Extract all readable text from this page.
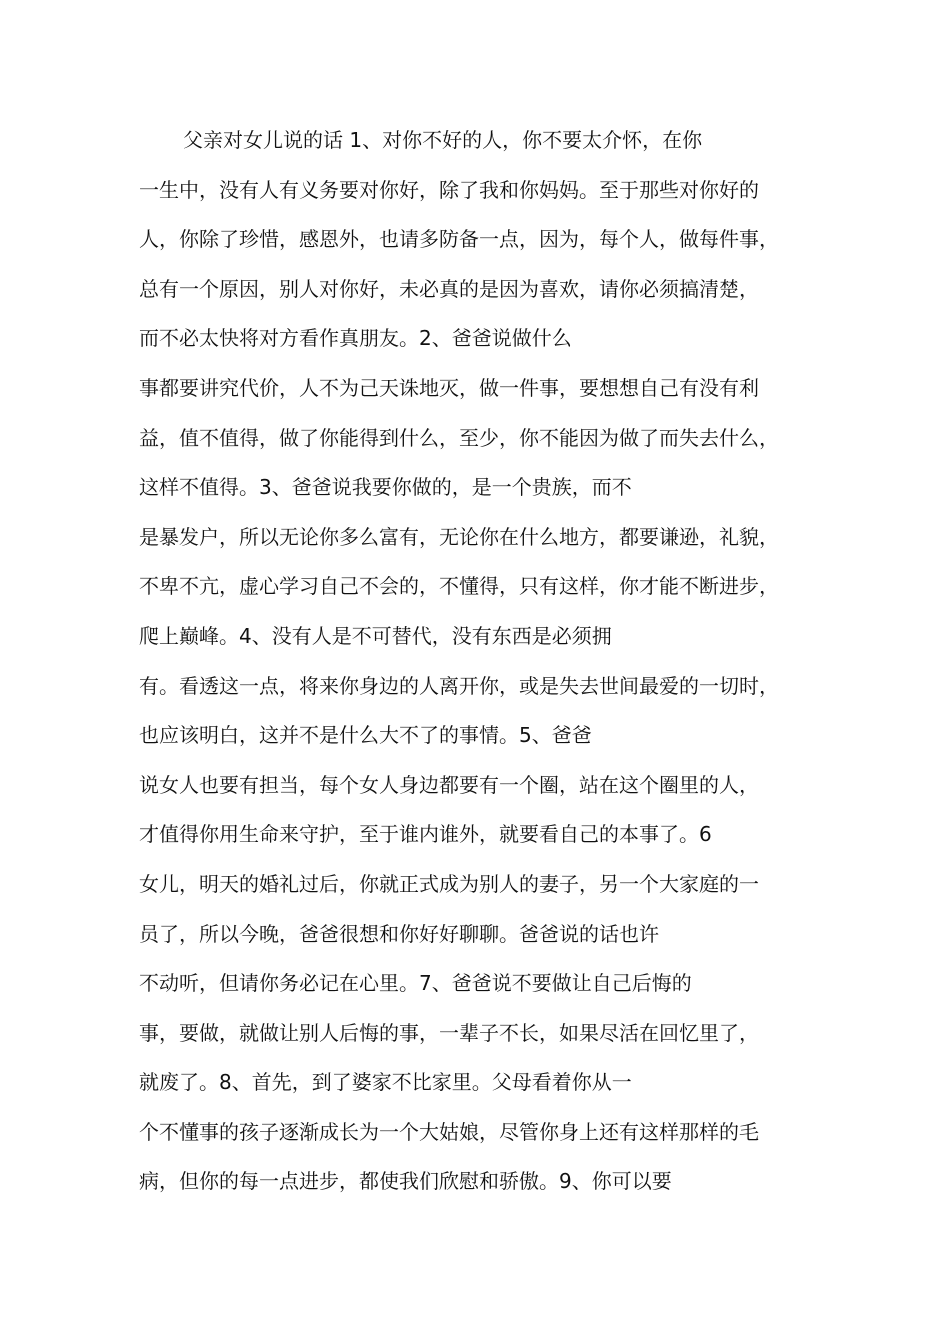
父亲对女儿说的话 1、对你不好的人，你不要太介怀，在你
一生中，没有人有义务要对你好，除了我和你妈妈。至于那些对你好的
人，你除了珍惜，感恩外，也请多防备一点，因为，每个人，做每件事，
总有一个原因，别人对你好，未必真的是因为喜欢，请你必须搞清楚，
而不必太快将对方看作真朋友。2、爸爸说做什么
事都要讲究代价，人不为己天诛地灭，做一件事，要想想自己有没有利
益，值不值得，做了你能得到什么，至少，你不能因为做了而失去什么，
这样不值得。3、爸爸说我要你做的，是一个贵族，而不
是暴发户，所以无论你多么富有，无论你在什么地方，都要谦逊，礼貌，
不卑不亢，虚心学习自己不会的，不懂得，只有这样，你才能不断进步，
爬上巅峰。4、没有人是不可替代，没有东西是必须拥
有。看透这一点，将来你身边的人离开你，或是失去世间最爱的一切时，
也应该明白，这并不是什么大不了的事情。5、爸爸
说女人也要有担当，每个女人身边都要有一个圈，站在这个圈里的人，
才值得你用生命来守护，至于谁内谁外，就要看自己的本事了。6
女儿，明天的婚礼过后，你就正式成为别人的妻子，另一个大家庭的一
员了，所以今晚，爸爸很想和你好好聊聊。爸爸说的话也许
不动听，但请你务必记在心里。7、爸爸说不要做让自己后悔的
事，要做，就做让别人后悔的事，一辈子不长，如果尽活在回忆里了，
就废了。8、首先，到了婆家不比家里。父母看着你从一
个不懂事的孩子逐渐成长为一个大姑娘，尽管你身上还有这样那样的毛
病，但你的每一点进步，都使我们欣慰和骄傲。9、你可以要
